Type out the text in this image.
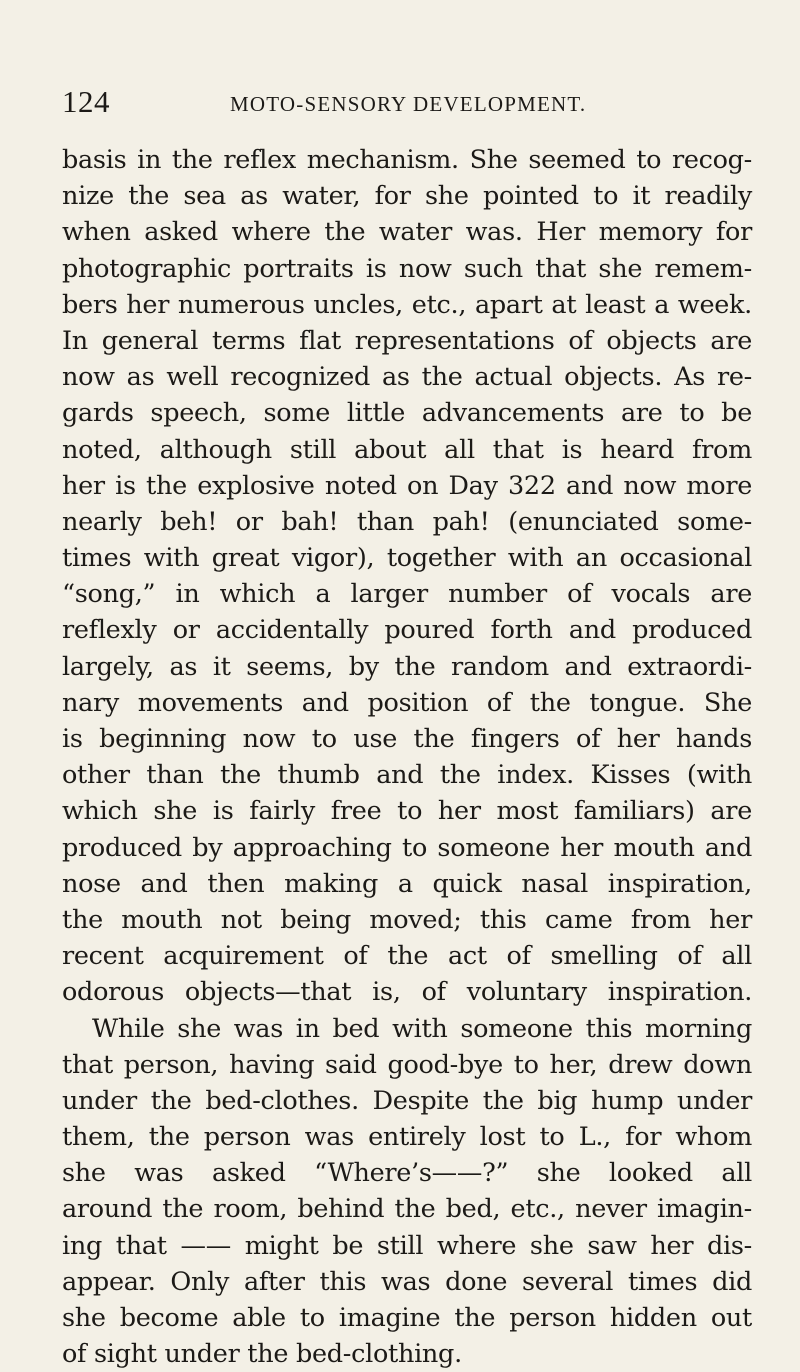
124	MOTO-SENSORY DEVELOPMENT.
basis in the reflex mechanism. She seemed to recog-
nize the sea as water, for she pointed to it readily
when asked where the water was. Her memory for
photographic portraits is now such that she remem-
bers her numerous uncles, etc., apart at least a week.
In general terms flat representations of objects are
now as well recognized as the actual objects. As re-
gards speech, some little advancements are to be
noted, although still about all that is heard from
her is the explosive noted on Day 322 and now more
nearly beh! or bah! than pah! (enunciated some-
times with great vigor), together with an occasional
“song,” in which a larger number of vocals are
reflexly or accidentally poured forth and produced
largely, as it seems, by the random and extraordi-
nary movements and position of the tongue. She
is beginning now to use the fingers of her hands
other than the thumb and the index. Kisses (with
which she is fairly free to her most familiars) are
produced by approaching to someone her mouth and
nose and then making a quick nasal inspiration,
the mouth not being moved; this came from her
recent acquirement of the act of smelling of all
odorous objects—that is, of voluntary inspiration.
While she was in bed with someone this morning
that person, having said good-bye to her, drew down
under the bed-clothes. Despite the big hump under
them, the person was entirely lost to L., for whom
she was asked “Where’s——?” she looked all
around the room, behind the bed, etc., never imagin-
ing that —— might be still where she saw her dis-
appear. Only after this was done several times did
she become able to imagine the person hidden out
of sight under the bed-clothing.
